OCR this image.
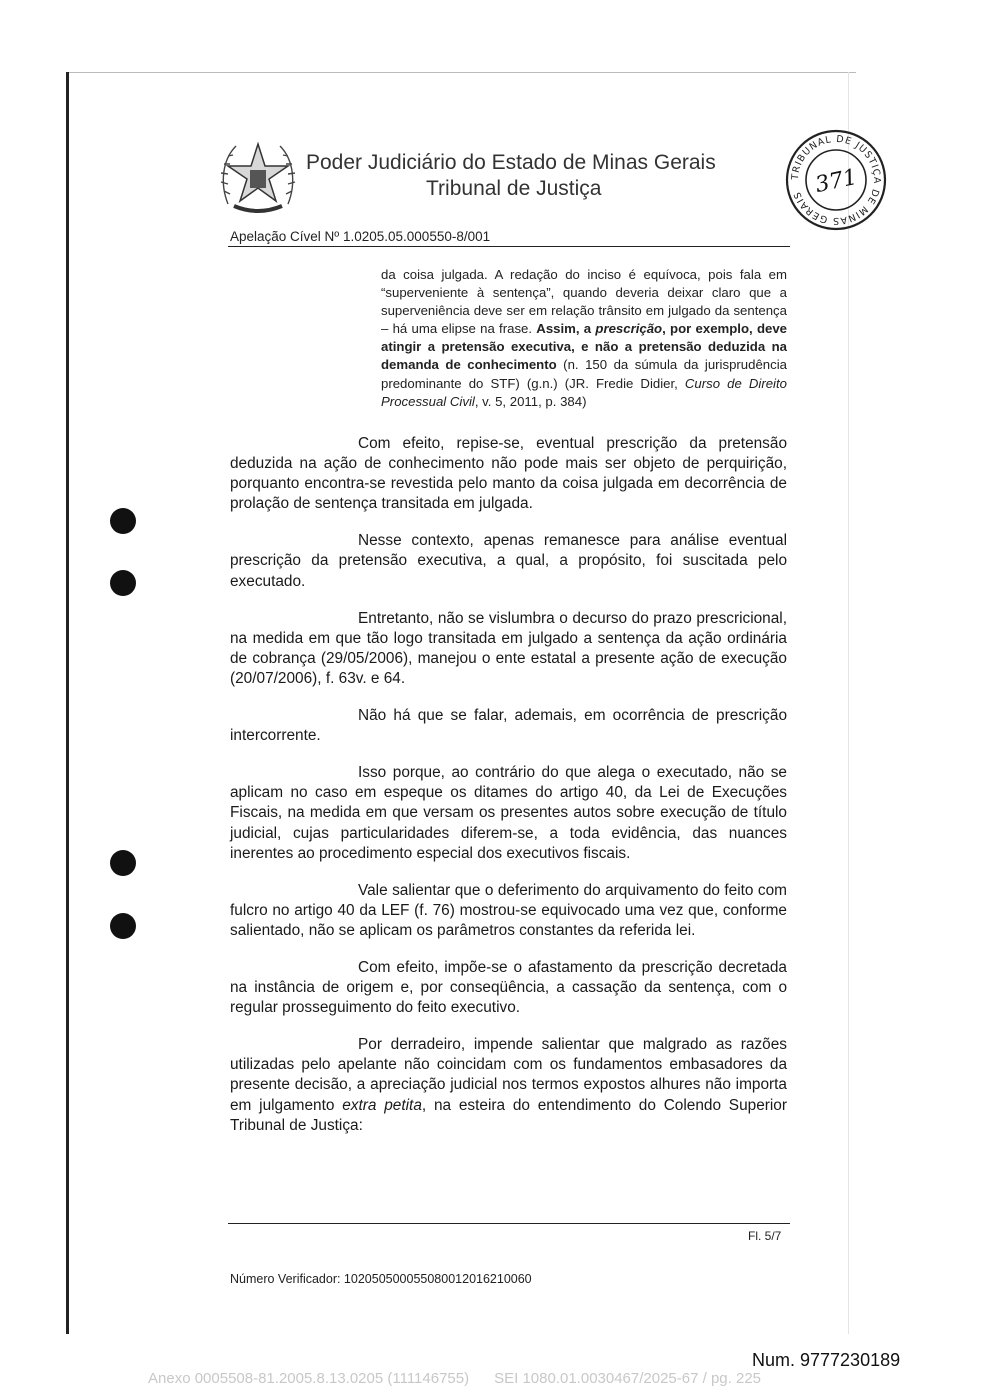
Poder Judiciário do Estado de Minas Gerais
Tribunal de Justiça
TRIBUNAL DE JUSTIÇA DE MINAS GERAIS 371
Apelação Cível Nº 1.0205.05.000550-8/001
da coisa julgada. A redação do inciso é equívoca, pois fala em “superveniente à sentença”, quando deveria deixar claro que a superveniência deve ser em relação trânsito em julgado da sentença – há uma elipse na frase. Assim, a prescrição, por exemplo, deve atingir a pretensão executiva, e não a pretensão deduzida na demanda de conhecimento (n. 150 da súmula da jurisprudência predominante do STF) (g.n.) (JR. Fredie Didier, Curso de Direito Processual Civil, v. 5, 2011, p. 384)

Com efeito, repise-se, eventual prescrição da pretensão deduzida na ação de conhecimento não pode mais ser objeto de perquirição, porquanto encontra-se revestida pelo manto da coisa julgada em decorrência de prolação de sentença transitada em julgada.

Nesse contexto, apenas remanesce para análise eventual prescrição da pretensão executiva, a qual, a propósito, foi suscitada pelo executado.

Entretanto, não se vislumbra o decurso do prazo prescricional, na medida em que tão logo transitada em julgado a sentença da ação ordinária de cobrança (29/05/2006), manejou o ente estatal a presente ação de execução (20/07/2006), f. 63v. e 64.

Não há que se falar, ademais, em ocorrência de prescrição intercorrente.

Isso porque, ao contrário do que alega o executado, não se aplicam no caso em espeque os ditames do artigo 40, da Lei de Execuções Fiscais, na medida em que versam os presentes autos sobre execução de título judicial, cujas particularidades diferem-se, a toda evidência, das nuances inerentes ao procedimento especial dos executivos fiscais.

Vale salientar que o deferimento do arquivamento do feito com fulcro no artigo 40 da LEF (f. 76) mostrou-se equivocado uma vez que, conforme salientado, não se aplicam os parâmetros constantes da referida lei.

Com efeito, impõe-se o afastamento da prescrição decretada na instância de origem e, por conseqüência, a cassação da sentença, com o regular prosseguimento do feito executivo.

Por derradeiro, impende salientar que malgrado as razões utilizadas pelo apelante não coincidam com os fundamentos embasadores da presente decisão, a apreciação judicial nos termos expostos alhures não importa em julgamento extra petita, na esteira do entendimento do Colendo Superior Tribunal de Justiça:

Fl. 5/7
Número Verificador: 1020505000550800120162100​60
Num. 9777230189
Anexo 0005508-81.2005.8.13.0205 (111146755)      SEI 1080.01.0030467/2025-67 / pg. 225
